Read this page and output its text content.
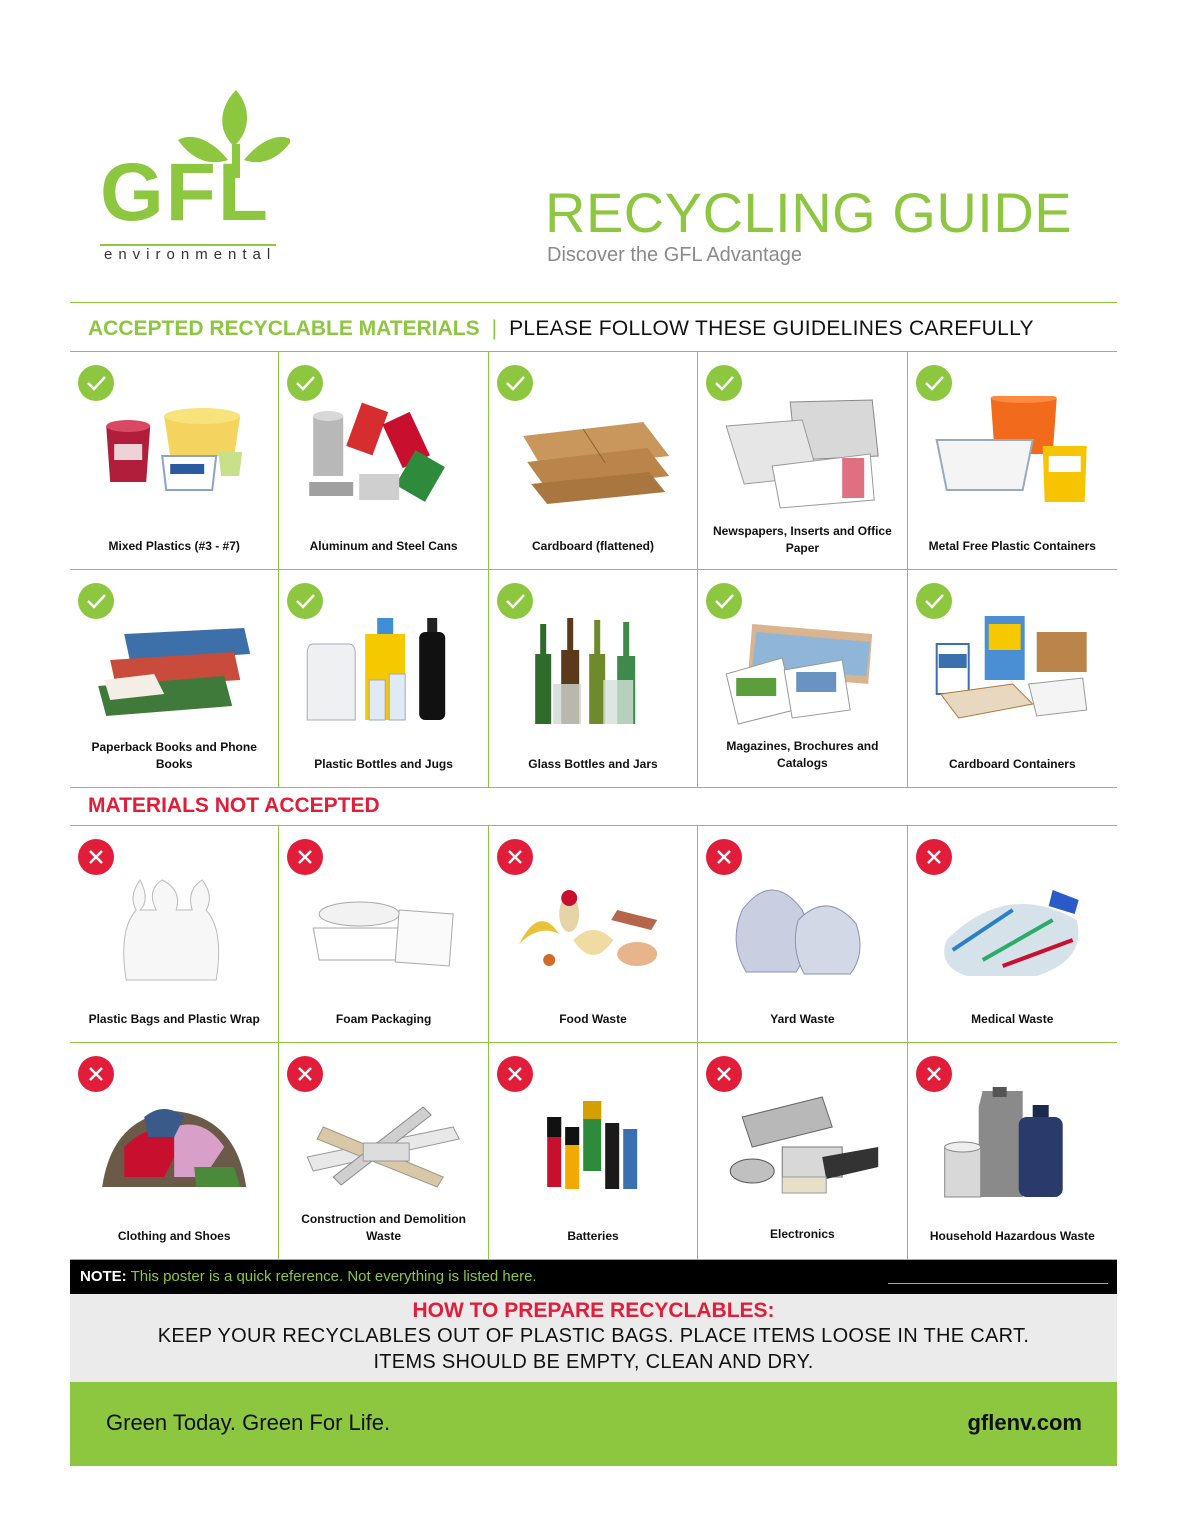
GFL
environmental
RECYCLING GUIDE
Discover the GFL Advantage
ACCEPTED RECYCLABLE MATERIALS | PLEASE FOLLOW THESE GUIDELINES CAREFULLY
Mixed Plastics (#3 - #7)	Aluminum and Steel Cans	Cardboard (flattened)
Newspapers, Inserts and Office Paper	Metal Free Plastic Containers
Paperback Books and Phone Books	Plastic Bottles and Jugs	Glass Bottles and Jars
Magazines, Brochures and Catalogs	Cardboard Containers
MATERIALS NOT ACCEPTED
Plastic Bags and Plastic Wrap	Foam Packaging	Food Waste	Yard Waste	Medical Waste
Clothing and Shoes
Construction and Demolition Waste	Batteries	Electronics	Household Hazardous Waste
NOTE: This poster is a quick reference. Not everything is listed here.
HOW TO PREPARE RECYCLABLES:
KEEP YOUR RECYCLABLES OUT OF PLASTIC BAGS. PLACE ITEMS LOOSE IN THE CART.
ITEMS SHOULD BE EMPTY, CLEAN AND DRY.
Green Today. Green For Life.	gflenv.com
